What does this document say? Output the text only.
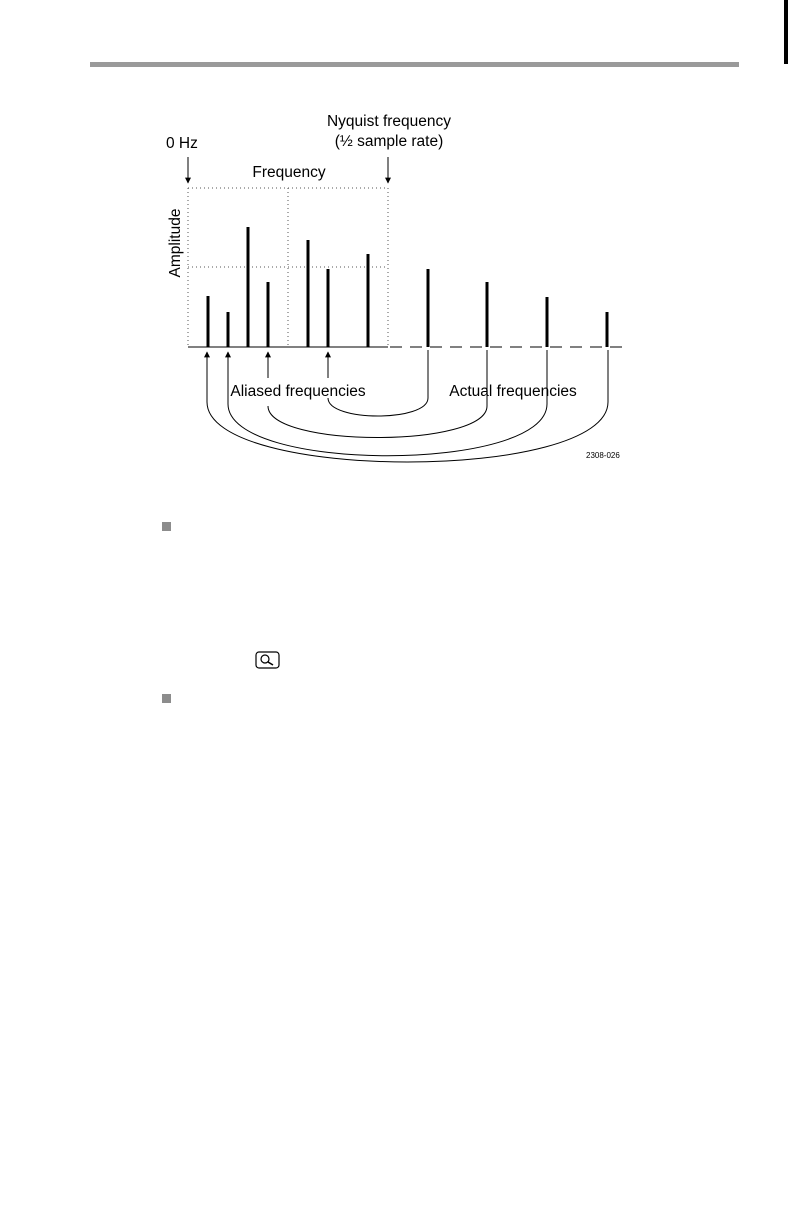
0 Hz
Nyquist frequency
(½ sample rate)
Frequency
Amplitude
Aliased frequencies	Actual frequencies
2308-026
